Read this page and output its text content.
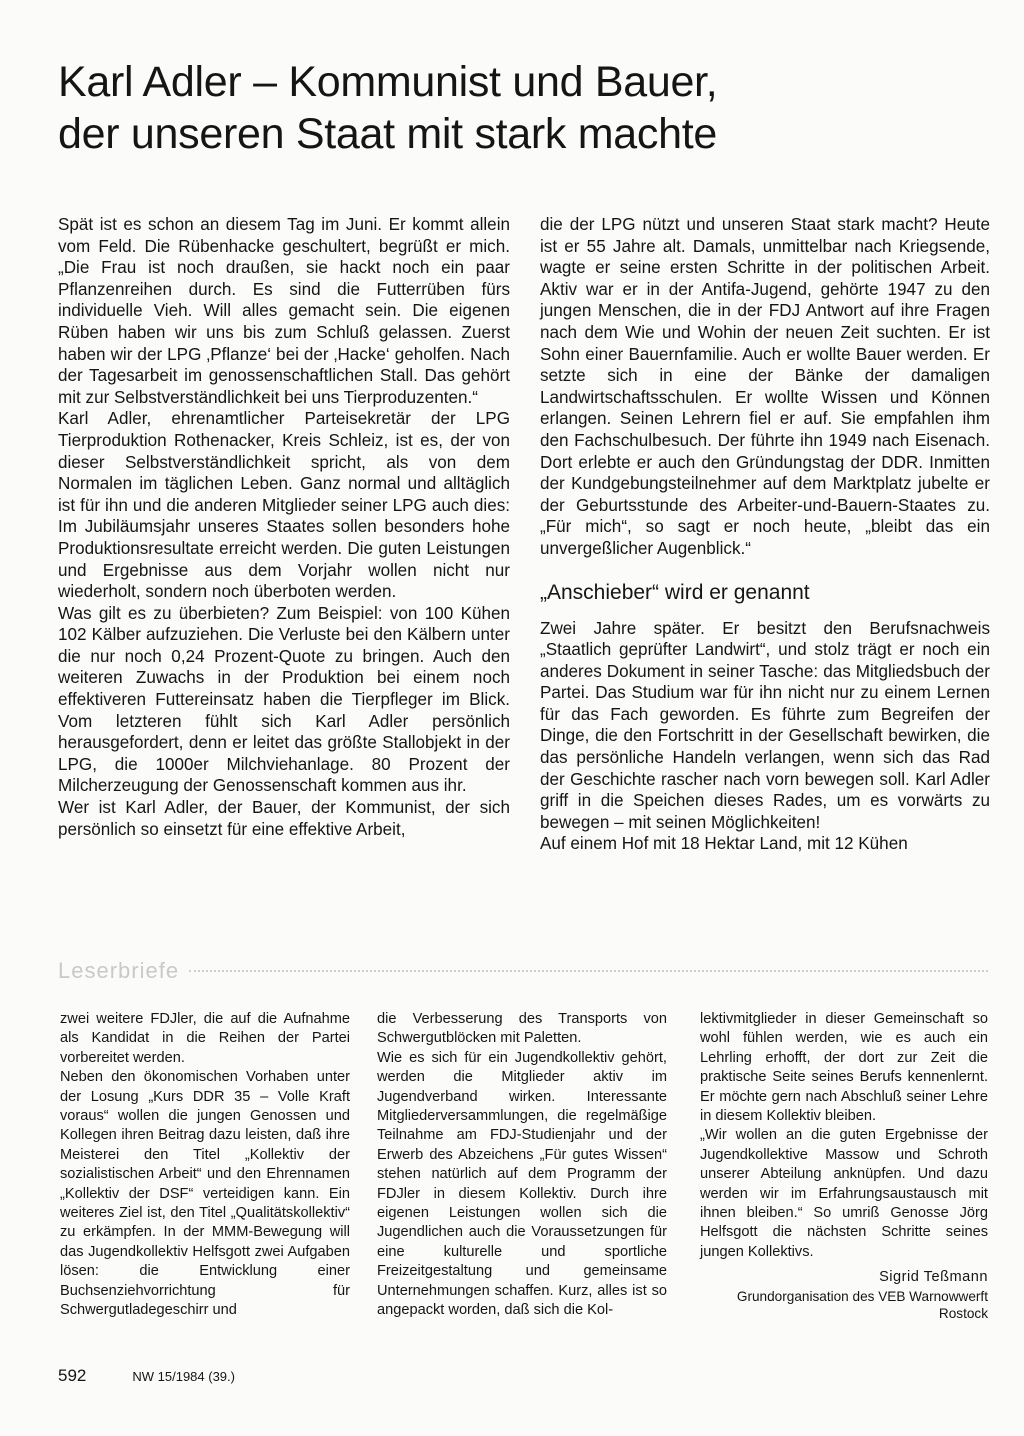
Karl Adler – Kommunist und Bauer,
der unseren Staat mit stark machte

Spät ist es schon an diesem Tag im Juni. Er kommt allein vom Feld. Die Rübenhacke geschultert, begrüßt er mich. „Die Frau ist noch draußen, sie hackt noch ein paar Pflanzenreihen durch. Es sind die Futterrüben fürs individuelle Vieh. Will alles gemacht sein. Die eigenen Rüben haben wir uns bis zum Schluß gelassen. Zuerst haben wir der LPG ‚Pflanze‘ bei der ‚Hacke‘ geholfen. Nach der Tagesarbeit im genossenschaftlichen Stall. Das gehört mit zur Selbstverständlichkeit bei uns Tierproduzenten.“

Karl Adler, ehrenamtlicher Parteisekretär der LPG Tierproduktion Rothenacker, Kreis Schleiz, ist es, der von dieser Selbstverständlichkeit spricht, als von dem Normalen im täglichen Leben. Ganz normal und alltäglich ist für ihn und die anderen Mitglieder seiner LPG auch dies: Im Jubiläumsjahr unseres Staates sollen besonders hohe Produktionsresultate erreicht werden. Die guten Leistungen und Ergebnisse aus dem Vorjahr wollen nicht nur wiederholt, sondern noch überboten werden.

Was gilt es zu überbieten? Zum Beispiel: von 100 Kühen 102 Kälber aufzuziehen. Die Verluste bei den Kälbern unter die nur noch 0,24 Prozent-Quote zu bringen. Auch den weiteren Zuwachs in der Produktion bei einem noch effektiveren Futtereinsatz haben die Tierpfleger im Blick. Vom letzteren fühlt sich Karl Adler persönlich herausgefordert, denn er leitet das größte Stallobjekt in der LPG, die 1000er Milchviehanlage. 80 Prozent der Milcherzeugung der Genossenschaft kommen aus ihr.

Wer ist Karl Adler, der Bauer, der Kommunist, der sich persönlich so einsetzt für eine effektive Arbeit,

die der LPG nützt und unseren Staat stark macht? Heute ist er 55 Jahre alt. Damals, unmittelbar nach Kriegsende, wagte er seine ersten Schritte in der politischen Arbeit. Aktiv war er in der Antifa-Jugend, gehörte 1947 zu den jungen Menschen, die in der FDJ Antwort auf ihre Fragen nach dem Wie und Wohin der neuen Zeit suchten. Er ist Sohn einer Bauernfamilie. Auch er wollte Bauer werden. Er setzte sich in eine der Bänke der damaligen Landwirtschaftsschulen. Er wollte Wissen und Können erlangen. Seinen Lehrern fiel er auf. Sie empfahlen ihm den Fachschulbesuch. Der führte ihn 1949 nach Eisenach. Dort erlebte er auch den Gründungstag der DDR. Inmitten der Kundgebungsteilnehmer auf dem Marktplatz jubelte er der Geburtsstunde des Arbeiter-und-Bauern-Staates zu. „Für mich“, so sagt er noch heute, „bleibt das ein unvergeßlicher Augenblick.“

„Anschieber“ wird er genannt

Zwei Jahre später. Er besitzt den Berufsnachweis „Staatlich geprüfter Landwirt“, und stolz trägt er noch ein anderes Dokument in seiner Tasche: das Mitgliedsbuch der Partei. Das Studium war für ihn nicht nur zu einem Lernen für das Fach geworden. Es führte zum Begreifen der Dinge, die den Fortschritt in der Gesellschaft bewirken, die das persönliche Handeln verlangen, wenn sich das Rad der Geschichte rascher nach vorn bewegen soll. Karl Adler griff in die Speichen dieses Rades, um es vorwärts zu bewegen – mit seinen Möglichkeiten!

Auf einem Hof mit 18 Hektar Land, mit 12 Kühen

Leserbriefe

zwei weitere FDJler, die auf die Aufnahme als Kandidat in die Reihen der Partei vorbereitet werden.

Neben den ökonomischen Vorhaben unter der Losung „Kurs DDR 35 – Volle Kraft voraus“ wollen die jungen Genossen und Kollegen ihren Beitrag dazu leisten, daß ihre Meisterei den Titel „Kollektiv der sozialistischen Arbeit“ und den Ehrennamen „Kollektiv der DSF“ verteidigen kann. Ein weiteres Ziel ist, den Titel „Qualitätskollektiv“ zu erkämpfen. In der MMM-Bewegung will das Jugendkollektiv Helfsgott zwei Aufgaben lösen: die Entwicklung einer Buchsenziehvorrichtung für Schwergutladegeschirr und

die Verbesserung des Transports von Schwergutblöcken mit Paletten.

Wie es sich für ein Jugendkollektiv gehört, werden die Mitglieder aktiv im Jugendverband wirken. Interessante Mitgliederversammlungen, die regelmäßige Teilnahme am FDJ-Studienjahr und der Erwerb des Abzeichens „Für gutes Wissen“ stehen natürlich auf dem Programm der FDJler in diesem Kollektiv. Durch ihre eigenen Leistungen wollen sich die Jugendlichen auch die Voraussetzungen für eine kulturelle und sportliche Freizeitgestaltung und gemeinsame Unternehmungen schaffen. Kurz, alles ist so angepackt worden, daß sich die Kol-

lektivmitglieder in dieser Gemeinschaft so wohl fühlen werden, wie es auch ein Lehrling erhofft, der dort zur Zeit die praktische Seite seines Berufs kennenlernt. Er möchte gern nach Abschluß seiner Lehre in diesem Kollektiv bleiben.

„Wir wollen an die guten Ergebnisse der Jugendkollektive Massow und Schroth unserer Abteilung anknüpfen. Und dazu werden wir im Erfahrungsaustausch mit ihnen bleiben.“ So umriß Genosse Jörg Helfsgott die nächsten Schritte seines jungen Kollektivs.

Sigrid Teßmann

Grundorganisation des VEB Warnowwerft

Rostock

592	NW 15/1984 (39.)
